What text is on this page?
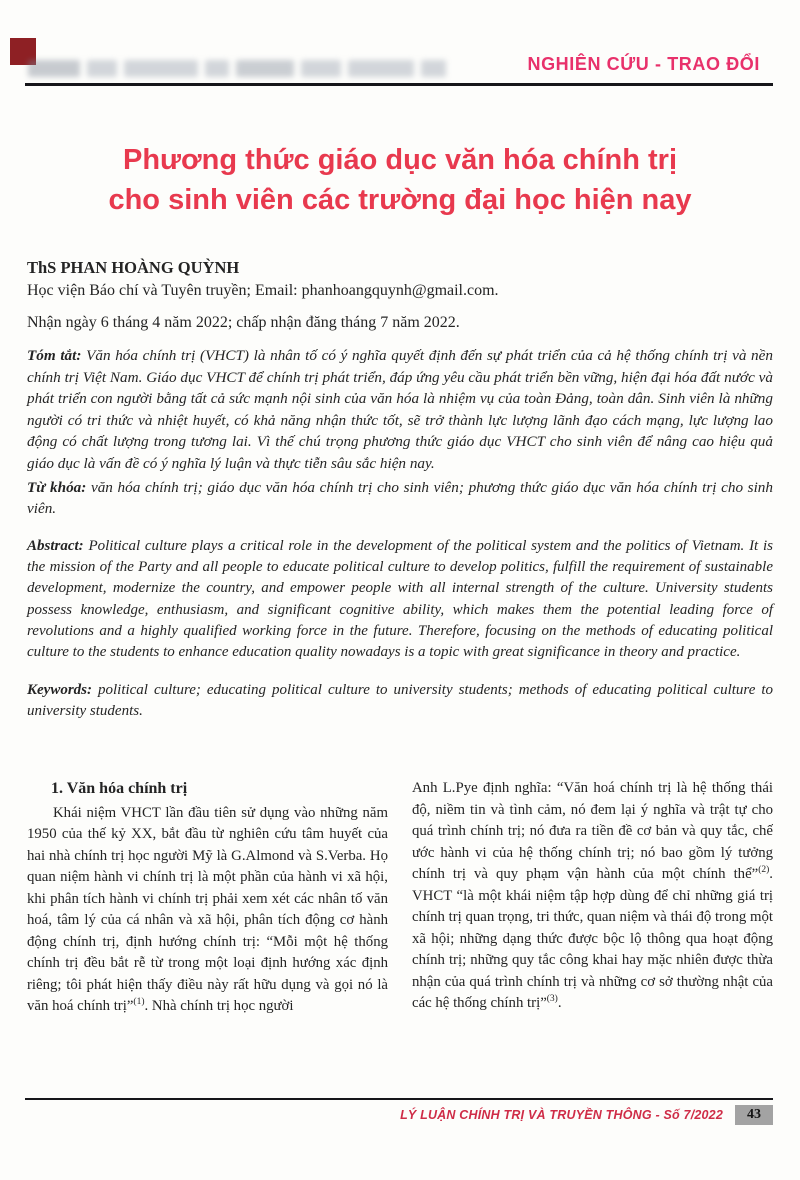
NGHIÊN CỨU - TRAO ĐỔI
Phương thức giáo dục văn hóa chính trị
cho sinh viên các trường đại học hiện nay

ThS PHAN HOÀNG QUỲNH

Học viện Báo chí và Tuyên truyền; Email: phanhoangquynh@gmail.com.

Nhận ngày 6 tháng 4 năm 2022; chấp nhận đăng tháng 7 năm 2022.

Tóm tắt: Văn hóa chính trị (VHCT) là nhân tố có ý nghĩa quyết định đến sự phát triển của cả hệ thống chính trị và nền chính trị Việt Nam. Giáo dục VHCT để chính trị phát triển, đáp ứng yêu cầu phát triển bền vững, hiện đại hóa đất nước và phát triển con người bằng tất cả sức mạnh nội sinh của văn hóa là nhiệm vụ của toàn Đảng, toàn dân. Sinh viên là những người có tri thức và nhiệt huyết, có khả năng nhận thức tốt, sẽ trở thành lực lượng lãnh đạo cách mạng, lực lượng lao động có chất lượng trong tương lai. Vì thế chú trọng phương thức giáo dục VHCT cho sinh viên để nâng cao hiệu quả giáo dục là vấn đề có ý nghĩa lý luận và thực tiễn sâu sắc hiện nay.

Từ khóa: văn hóa chính trị; giáo dục văn hóa chính trị cho sinh viên; phương thức giáo dục văn hóa chính trị cho sinh viên.

Abstract: Political culture plays a critical role in the development of the political system and the politics of Vietnam. It is the mission of the Party and all people to educate political culture to develop politics, fulfill the requirement of sustainable development, modernize the country, and empower people with all internal strength of the culture. University students possess knowledge, enthusiasm, and significant cognitive ability, which makes them the potential leading force of revolutions and a highly qualified working force in the future. Therefore, focusing on the methods of educating political culture to the students to enhance education quality nowadays is a topic with great significance in theory and practice.

Keywords: political culture; educating political culture to university students; methods of educating political culture to university students.

1. Văn hóa chính trị

Khái niệm VHCT lần đầu tiên sử dụng vào những năm 1950 của thế kỷ XX, bắt đầu từ nghiên cứu tâm huyết của hai nhà chính trị học người Mỹ là G.Almond và S.Verba. Họ quan niệm hành vi chính trị là một phần của hành vi xã hội, khi phân tích hành vi chính trị phải xem xét các nhân tố văn hoá, tâm lý của cá nhân và xã hội, phân tích động cơ hành động chính trị, định hướng chính trị: “Mỗi một hệ thống chính trị đều bắt rễ từ trong một loại định hướng xác định riêng; tôi phát hiện thấy điều này rất hữu dụng và gọi nó là văn hoá chính trị”$^{(1)}$. Nhà chính trị học người

Anh L.Pye định nghĩa: “Văn hoá chính trị là hệ thống thái độ, niềm tin và tình cảm, nó đem lại ý nghĩa và trật tự cho quá trình chính trị; nó đưa ra tiền đề cơ bản và quy tắc, chế ước hành vi của hệ thống chính trị; nó bao gồm lý tưởng chính trị và quy phạm vận hành của một chính thể”$^{(2)}$. VHCT “là một khái niệm tập hợp dùng để chỉ những giá trị chính trị quan trọng, tri thức, quan niệm và thái độ trong một xã hội; những dạng thức được bộc lộ thông qua hoạt động chính trị; những quy tắc công khai hay mặc nhiên được thừa nhận của quá trình chính trị và những cơ sở thường nhật của các hệ thống chính trị”$^{(3)}$.

LÝ LUẬN CHÍNH TRỊ VÀ TRUYỀN THÔNG - Số 7/2022	43
